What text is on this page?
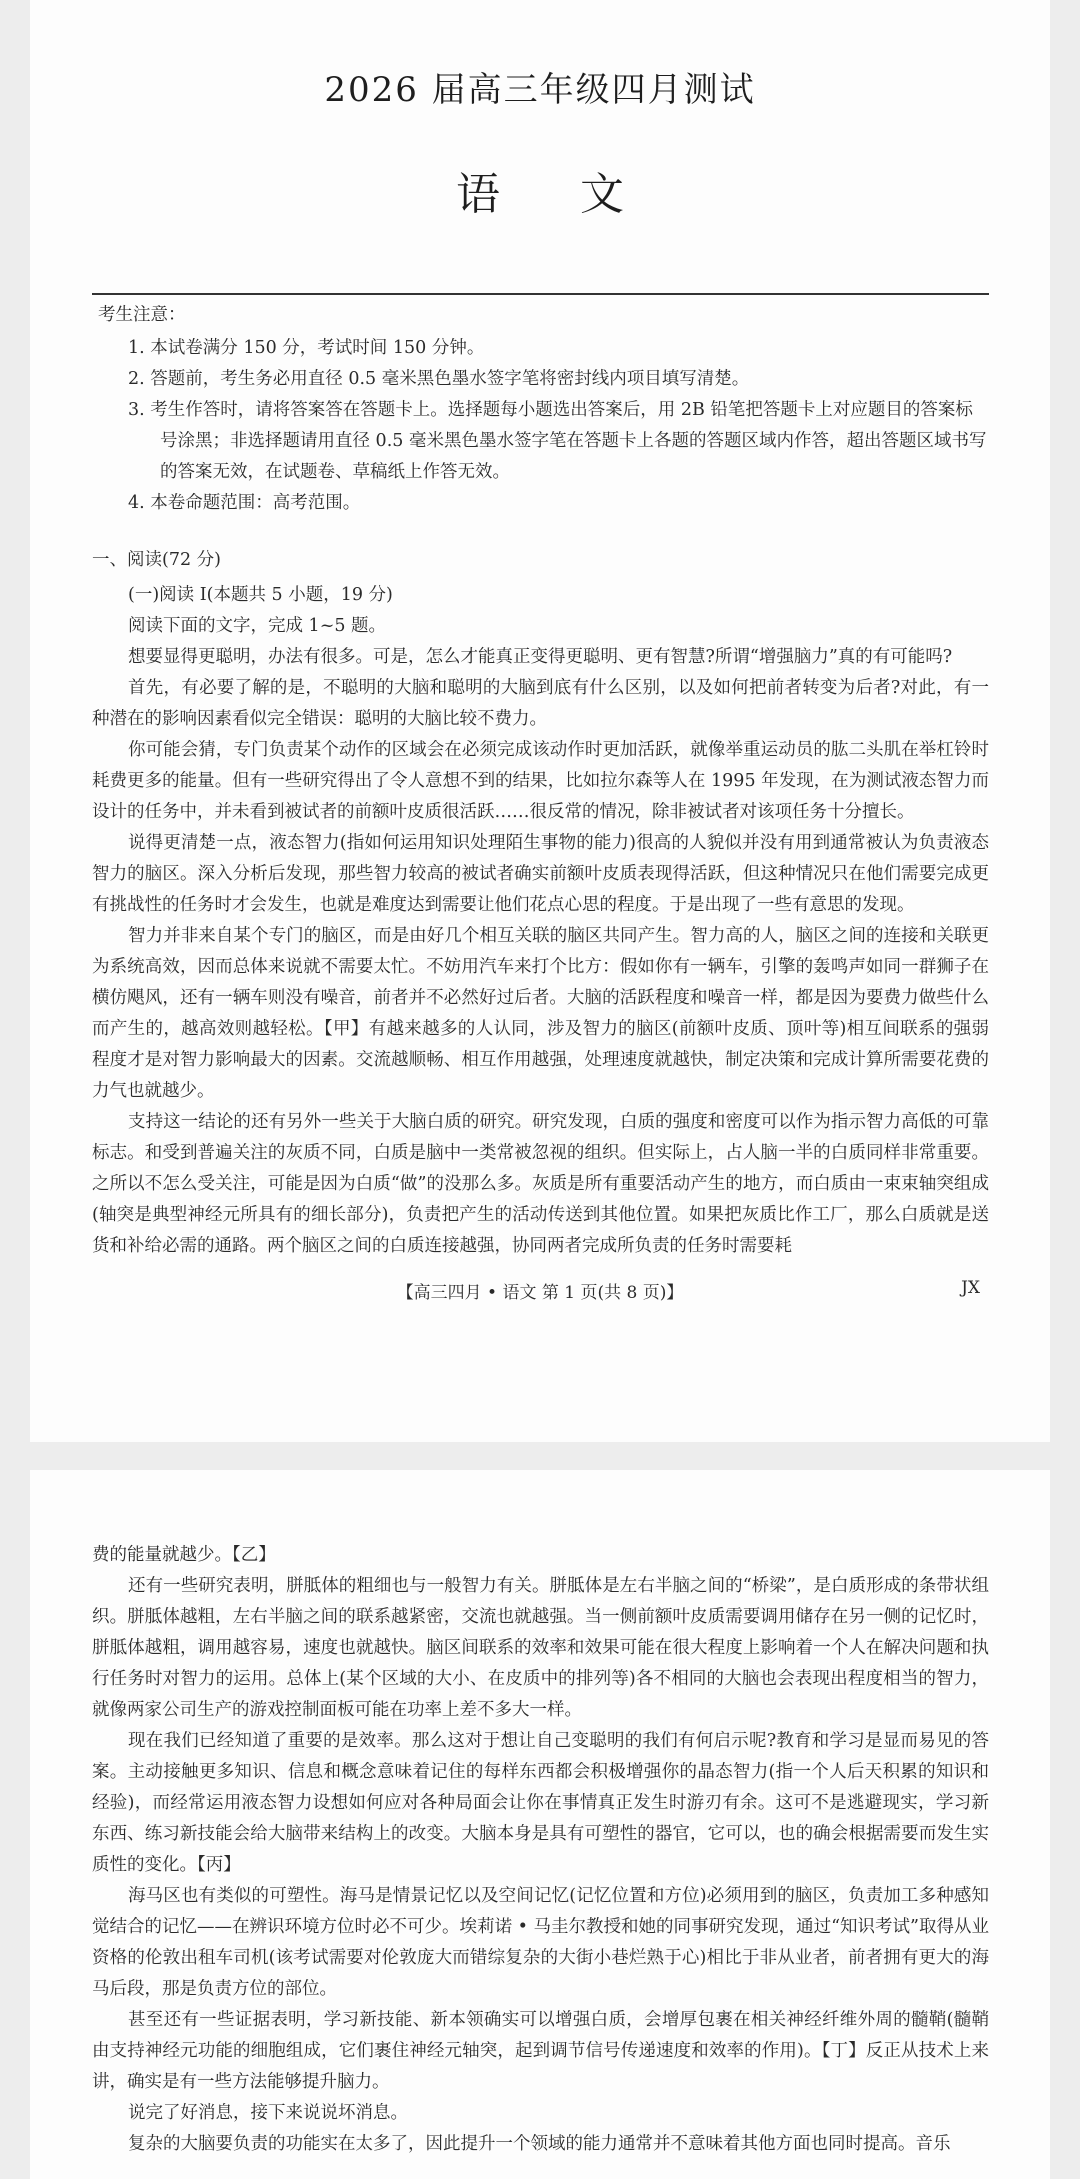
2026 届高三年级四月测试
语文
考生注意：
1. 本试卷满分 150 分，考试时间 150 分钟。
2. 答题前，考生务必用直径 0.5 毫米黑色墨水签字笔将密封线内项目填写清楚。
3. 考生作答时，请将答案答在答题卡上。选择题每小题选出答案后，用 2B 铅笔把答题卡上对应题目的答案标号涂黑；非选择题请用直径 0.5 毫米黑色墨水签字笔在答题卡上各题的答题区域内作答，超出答题区域书写的答案无效，在试题卷、草稿纸上作答无效。
4. 本卷命题范围：高考范围。

一、阅读(72 分)

(一)阅读 Ⅰ(本题共 5 小题，19 分)

阅读下面的文字，完成 1~5 题。

想要显得更聪明，办法有很多。可是，怎么才能真正变得更聪明、更有智慧?所谓“增强脑力”真的有可能吗?

首先，有必要了解的是，不聪明的大脑和聪明的大脑到底有什么区别，以及如何把前者转变为后者?对此，有一种潜在的影响因素看似完全错误：聪明的大脑比较不费力。

你可能会猜，专门负责某个动作的区域会在必须完成该动作时更加活跃，就像举重运动员的肱二头肌在举杠铃时耗费更多的能量。但有一些研究得出了令人意想不到的结果，比如拉尔森等人在 1995 年发现，在为测试液态智力而设计的任务中，并未看到被试者的前额叶皮质很活跃……很反常的情况，除非被试者对该项任务十分擅长。

说得更清楚一点，液态智力(指如何运用知识处理陌生事物的能力)很高的人貌似并没有用到通常被认为负责液态智力的脑区。深入分析后发现，那些智力较高的被试者确实前额叶皮质表现得活跃，但这种情况只在他们需要完成更有挑战性的任务时才会发生，也就是难度达到需要让他们花点心思的程度。于是出现了一些有意思的发现。

智力并非来自某个专门的脑区，而是由好几个相互关联的脑区共同产生。智力高的人，脑区之间的连接和关联更为系统高效，因而总体来说就不需要太忙。不妨用汽车来打个比方：假如你有一辆车，引擎的轰鸣声如同一群狮子在横仿飓风，还有一辆车则没有噪音，前者并不必然好过后者。大脑的活跃程度和噪音一样，都是因为要费力做些什么而产生的，越高效则越轻松。【甲】有越来越多的人认同，涉及智力的脑区(前额叶皮质、顶叶等)相互间联系的强弱程度才是对智力影响最大的因素。交流越顺畅、相互作用越强，处理速度就越快，制定决策和完成计算所需要花费的力气也就越少。

支持这一结论的还有另外一些关于大脑白质的研究。研究发现，白质的强度和密度可以作为指示智力高低的可靠标志。和受到普遍关注的灰质不同，白质是脑中一类常被忽视的组织。但实际上，占人脑一半的白质同样非常重要。之所以不怎么受关注，可能是因为白质“做”的没那么多。灰质是所有重要活动产生的地方，而白质由一束束轴突组成(轴突是典型神经元所具有的细长部分)，负责把产生的活动传送到其他位置。如果把灰质比作工厂，那么白质就是送货和补给必需的通路。两个脑区之间的白质连接越强，协同两者完成所负责的任务时需要耗

【高三四月 • 语文 第 1 页(共 8 页)】	JX

费的能量就越少。【乙】

还有一些研究表明，胼胝体的粗细也与一般智力有关。胼胝体是左右半脑之间的“桥梁”，是白质形成的条带状组织。胼胝体越粗，左右半脑之间的联系越紧密，交流也就越强。当一侧前额叶皮质需要调用储存在另一侧的记忆时，胼胝体越粗，调用越容易，速度也就越快。脑区间联系的效率和效果可能在很大程度上影响着一个人在解决问题和执行任务时对智力的运用。总体上(某个区域的大小、在皮质中的排列等)各不相同的大脑也会表现出程度相当的智力，就像两家公司生产的游戏控制面板可能在功率上差不多大一样。

现在我们已经知道了重要的是效率。那么这对于想让自己变聪明的我们有何启示呢?教育和学习是显而易见的答案。主动接触更多知识、信息和概念意味着记住的每样东西都会积极增强你的晶态智力(指一个人后天积累的知识和经验)，而经常运用液态智力设想如何应对各种局面会让你在事情真正发生时游刃有余。这可不是逃避现实，学习新东西、练习新技能会给大脑带来结构上的改变。大脑本身是具有可塑性的器官，它可以，也的确会根据需要而发生实质性的变化。【丙】

海马区也有类似的可塑性。海马是情景记忆以及空间记忆(记忆位置和方位)必须用到的脑区，负责加工多种感知觉结合的记忆——在辨识环境方位时必不可少。埃莉诺 • 马圭尔教授和她的同事研究发现，通过“知识考试”取得从业资格的伦敦出租车司机(该考试需要对伦敦庞大而错综复杂的大街小巷烂熟于心)相比于非从业者，前者拥有更大的海马后段，那是负责方位的部位。

甚至还有一些证据表明，学习新技能、新本领确实可以增强白质，会增厚包裹在相关神经纤维外周的髓鞘(髓鞘由支持神经元功能的细胞组成，它们裹住神经元轴突，起到调节信号传递速度和效率的作用)。【丁】反正从技术上来讲，确实是有一些方法能够提升脑力。

说完了好消息，接下来说说坏消息。

复杂的大脑要负责的功能实在太多了，因此提升一个领域的能力通常并不意味着其他方面也同时提高。音乐
